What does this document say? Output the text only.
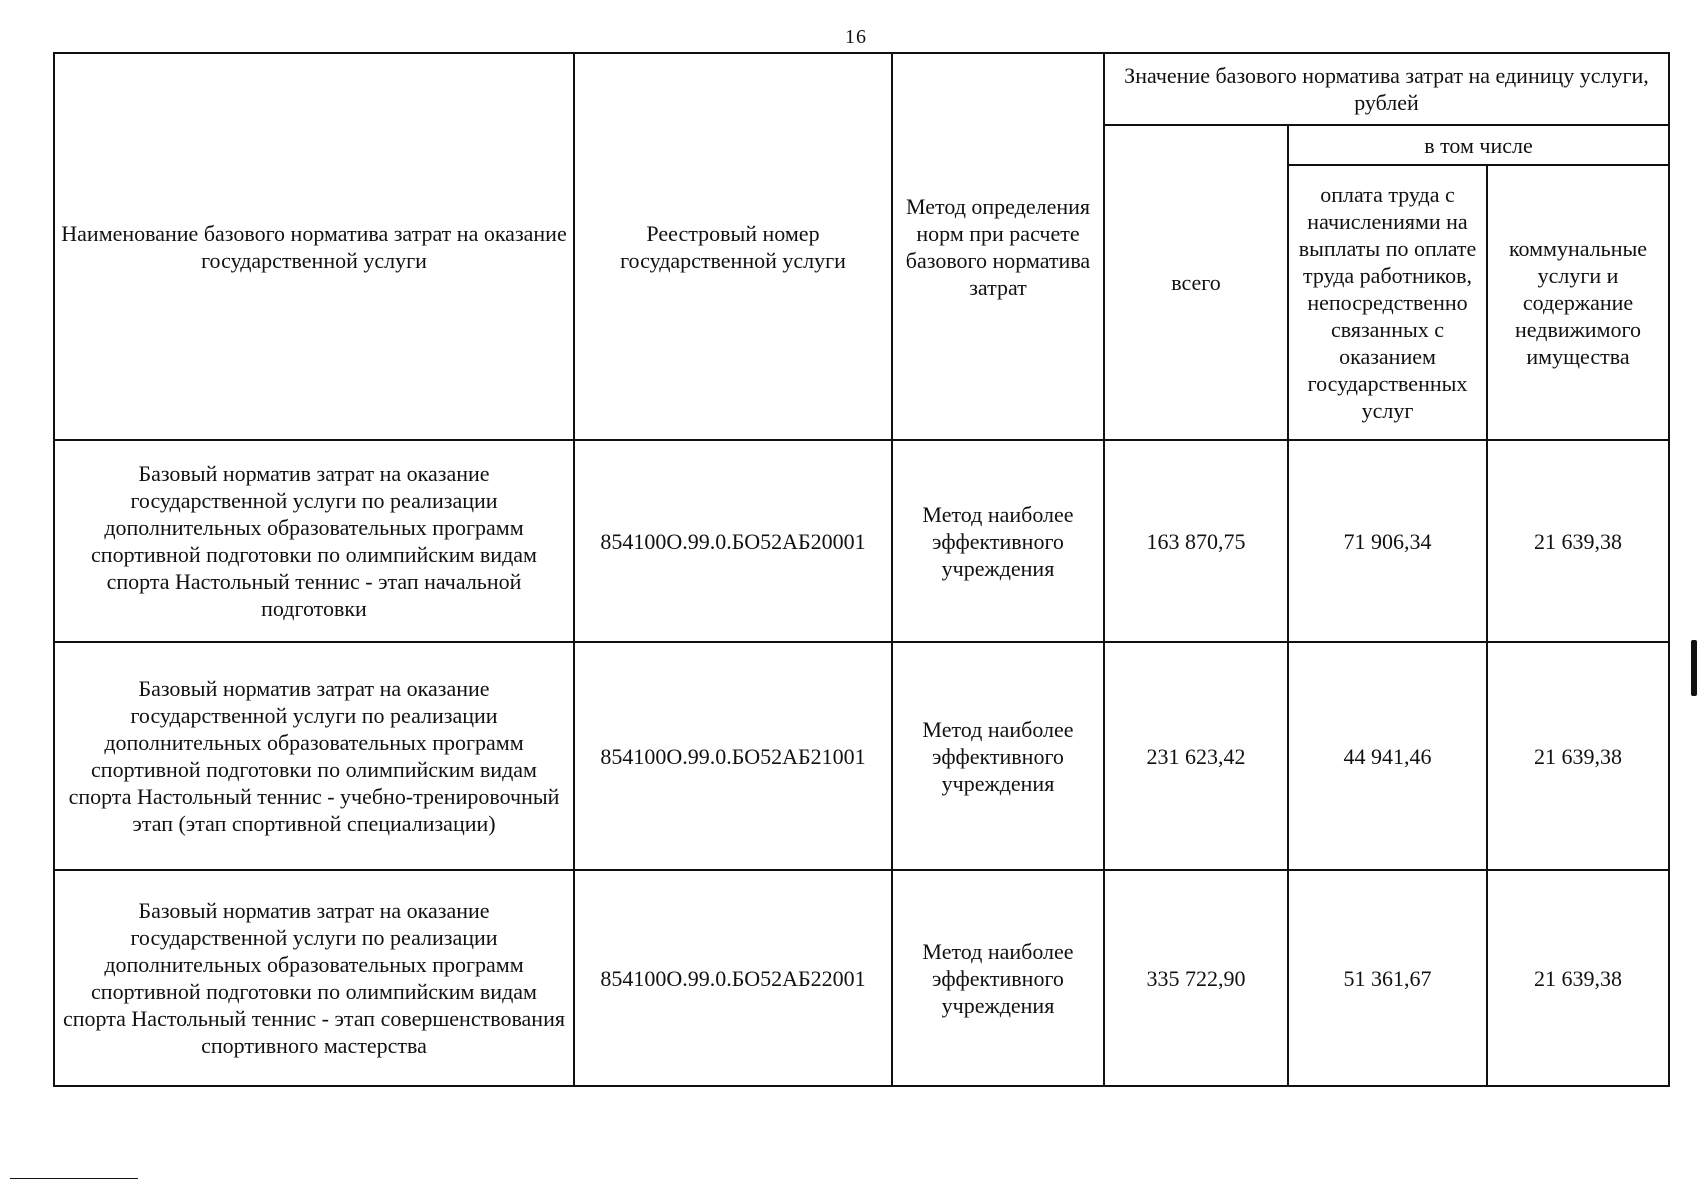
16
Наименование базового норматива затрат на оказание государственной услуги	Реестровый номер государственной услуги	Метод определения норм при расчете базового норматива затрат	Значение базового норматива затрат на единицу услуги, рублей		
			всего	в том числе	
				оплата труда с начислениями на выплаты по оплате труда работников, непосредственно связанных с оказанием государственных услуг	коммунальные услуги и содержание недвижимого имущества
Базовый норматив затрат на оказание государственной услуги по реализации дополнительных образовательных программ спортивной подготовки по олимпийским видам спорта Настольный теннис - этап начальной подготовки	854100О.99.0.БО52АБ20001	Метод наиболее эффективного учреждения	163 870,75	71 906,34	21 639,38
Базовый норматив затрат на оказание государственной услуги по реализации дополнительных образовательных программ спортивной подготовки по олимпийским видам спорта Настольный теннис - учебно-тренировочный этап (этап спортивной специализации)	854100О.99.0.БО52АБ21001	Метод наиболее эффективного учреждения	231 623,42	44 941,46	21 639,38
Базовый норматив затрат на оказание государственной услуги по реализации дополнительных образовательных программ спортивной подготовки по олимпийским видам спорта Настольный теннис - этап совершенствования спортивного мастерства	854100О.99.0.БО52АБ22001	Метод наиболее эффективного учреждения	335 722,90	51 361,67	21 639,38
